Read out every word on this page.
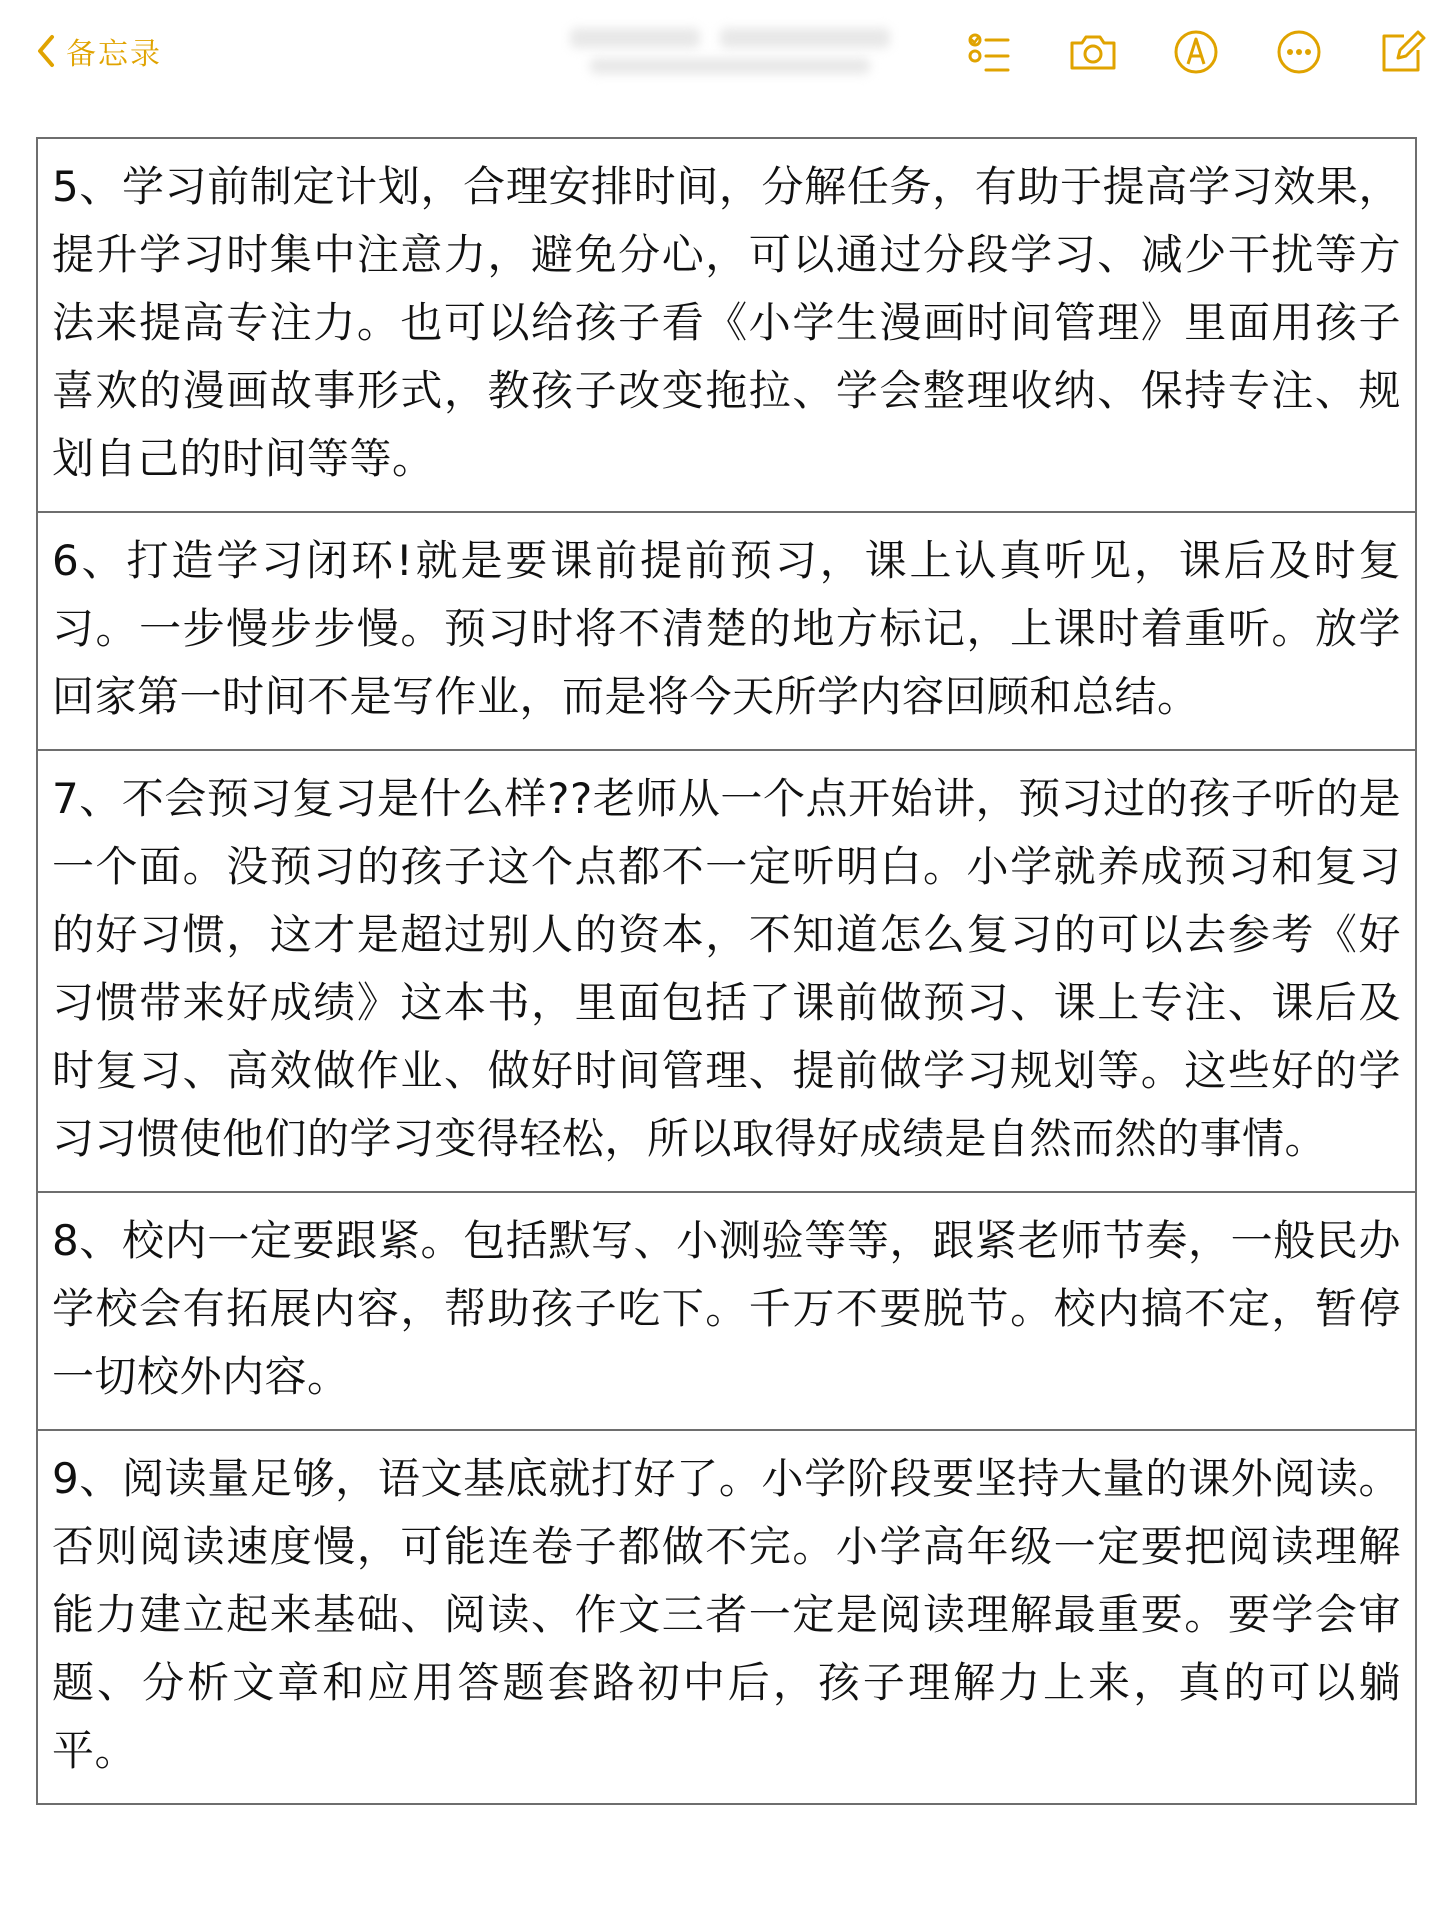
备忘录

5、学习前制定计划，合理安排时间，分解任务，有助于提高学习效果，提升学习时集中注意力，避免分心，可以通过分段学习、减少干扰等方法来提高专注力。也可以给孩子看《小学生漫画时间管理》里面用孩子喜欢的漫画故事形式，教孩子改变拖拉、学会整理收纳、保持专注、规划自己的时间等等。

6、打造学习闭环!就是要课前提前预习，课上认真听见，课后及时复习。一步慢步步慢。预习时将不清楚的地方标记，上课时着重听。放学回家第一时间不是写作业，而是将今天所学内容回顾和总结。

7、不会预习复习是什么样??老师从一个点开始讲，预习过的孩子听的是一个面。没预习的孩子这个点都不一定听明白。小学就养成预习和复习的好习惯，这才是超过别人的资本，不知道怎么复习的可以去参考《好习惯带来好成绩》这本书，里面包括了课前做预习、课上专注、课后及时复习、高效做作业、做好时间管理、提前做学习规划等。这些好的学习习惯使他们的学习变得轻松，所以取得好成绩是自然而然的事情。

8、校内一定要跟紧。包括默写、小测验等等，跟紧老师节奏，一般民办学校会有拓展内容，帮助孩子吃下。千万不要脱节。校内搞不定，暂停一切校外内容。

9、阅读量足够，语文基底就打好了。小学阶段要坚持大量的课外阅读。否则阅读速度慢，可能连卷子都做不完。小学高年级一定要把阅读理解能力建立起来基础、阅读、作文三者一定是阅读理解最重要。要学会审题、分析文章和应用答题套路初中后，孩子理解力上来，真的可以躺平。
